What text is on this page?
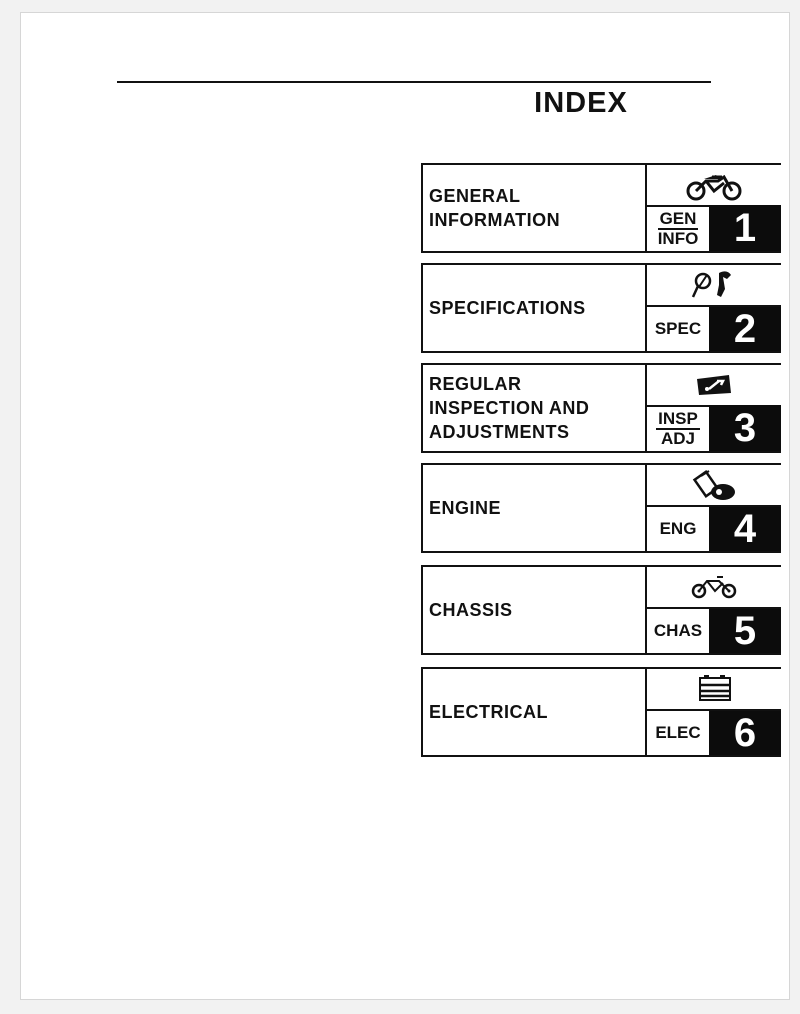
INDEX
GENERAL
INFORMATION	GEN
INFO 1
SPECIFICATIONS
SPEC 2
REGULAR
INSPECTION AND
ADJUSTMENTS
INSP
ADJ 3
ENGINE
ENG 4
CHASSIS
CHAS 5
ELECTRICAL
ELEC 6
